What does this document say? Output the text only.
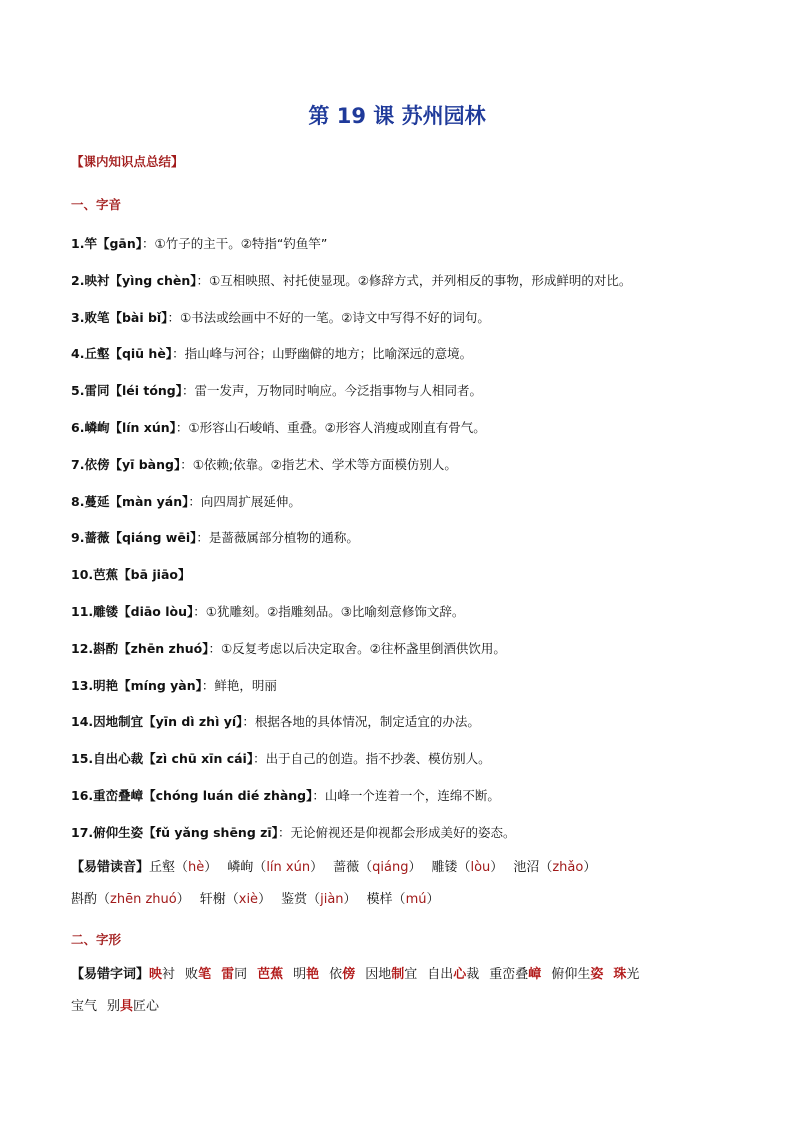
第 19 课 苏州园林

【课内知识点总结】

一、字音

1.竿【gān】：①竹子的主干。②特指“钓鱼竿”
2.映衬【yìng chèn】：①互相映照、衬托使显现。②修辞方式，并列相反的事物，形成鲜明的对比。
3.败笔【bài bǐ】：①书法或绘画中不好的一笔。②诗文中写得不好的词句。
4.丘壑【qiū hè】：指山峰与河谷；山野幽僻的地方；比喻深远的意境。
5.雷同【léi tóng】：雷一发声，万物同时响应。今泛指事物与人相同者。
6.嶙峋【lín xún】：①形容山石峻峭、重叠。②形容人消瘦或刚直有骨气。
7.依傍【yī bàng】：①依赖;依靠。②指艺术、学术等方面模仿别人。
8.蔓延【màn yán】：向四周扩展延伸。
9.蔷薇【qiáng wēi】：是蔷薇属部分植物的通称。
10.芭蕉【bā jiāo】
11.雕镂【diāo lòu】：①犹雕刻。②指雕刻品。③比喻刻意修饰文辞。
12.斟酌【zhēn zhuó】：①反复考虑以后决定取舍。②往杯盏里倒酒供饮用。
13.明艳【míng yàn】：鲜艳，明丽
14.因地制宜【yīn dì zhì yí】：根据各地的具体情况，制定适宜的办法。
15.自出心裁【zì chū xīn cái】：出于自己的创造。指不抄袭、模仿别人。
16.重峦叠嶂【chóng luán dié zhàng】：山峰一个连着一个，连绵不断。
17.俯仰生姿【fǔ yǎng shēng zī】：无论俯视还是仰视都会形成美好的姿态。
【易错读音】丘壑（hè） 嶙峋（lín xún） 蔷薇（qiáng） 雕镂（lòu） 池沼（zhǎo）
斟酌（zhēn zhuó） 轩榭（xiè） 鉴赏（jiàn） 模样（mú）

二、字形

【易错字词】映衬 败笔 雷同 芭蕉 明艳 依傍 因地制宜 自出心裁 重峦叠嶂 俯仰生姿 珠光
宝气 别具匠心
